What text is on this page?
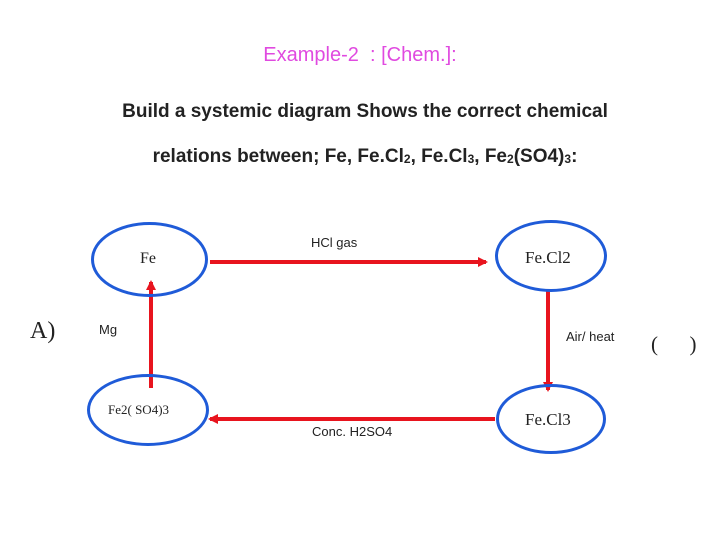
Example-2  : [Chem.]:
Build a systemic diagram Shows the correct chemical
relations between; Fe, $Fe.Cl_2$, $Fe.Cl_3$, $Fe_2(SO4)_3$:
Fe	Fe.Cl2
Fe2( SO4)3
Fe.Cl3
HCl gas
Air/ heat
Conc. H2SO4
Mg
A)	(      )
